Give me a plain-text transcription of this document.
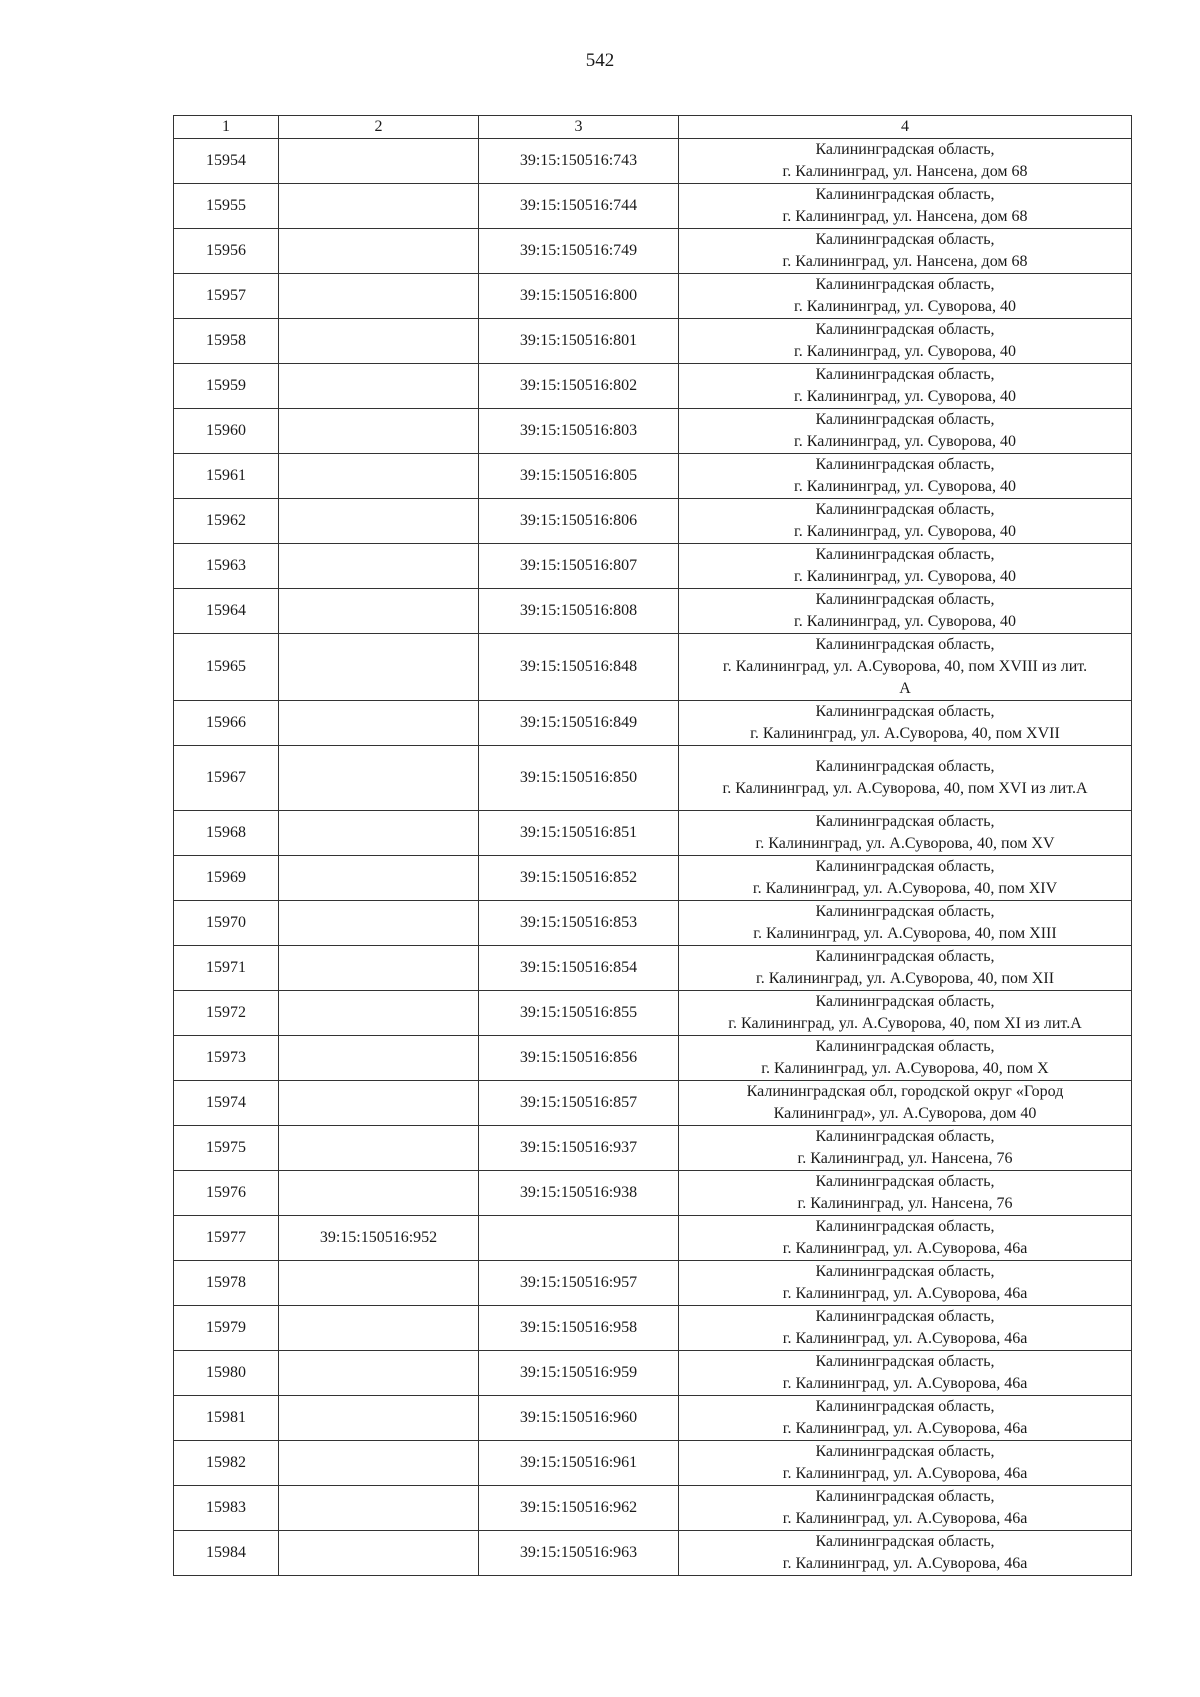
542
1	2	3	4
15954		39:15:150516:743	Калининградская область,
г. Калининград, ул. Нансена, дом 68

15955		39:15:150516:744	Калининградская область,
г. Калининград, ул. Нансена, дом 68

15956		39:15:150516:749	Калининградская область,
г. Калининград, ул. Нансена, дом 68

15957		39:15:150516:800	Калининградская область,
г. Калининград, ул. Суворова, 40

15958		39:15:150516:801	Калининградская область,
г. Калининград, ул. Суворова, 40

15959		39:15:150516:802	Калининградская область,
г. Калининград, ул. Суворова, 40

15960		39:15:150516:803	Калининградская область,
г. Калининград, ул. Суворова, 40

15961		39:15:150516:805	Калининградская область,
г. Калининград, ул. Суворова, 40

15962		39:15:150516:806	Калининградская область,
г. Калининград, ул. Суворова, 40

15963		39:15:150516:807	Калининградская область,
г. Калининград, ул. Суворова, 40

15964		39:15:150516:808	Калининградская область,
г. Калининград, ул. Суворова, 40

15965		39:15:150516:848	Калининградская область,
г. Калининград, ул. А.Суворова, 40, пом XVIII из лит.
А

15966		39:15:150516:849	Калининградская область,
г. Калининград, ул. А.Суворова, 40, пом XVII

15967		39:15:150516:850	Калининградская область,
г. Калининград, ул. А.Суворова, 40, пом XVI из лит.А

15968		39:15:150516:851	Калининградская область,
г. Калининград, ул. А.Суворова, 40, пом XV

15969		39:15:150516:852	Калининградская область,
г. Калининград, ул. А.Суворова, 40, пом XIV

15970		39:15:150516:853	Калининградская область,
г. Калининград, ул. А.Суворова, 40, пом XIII

15971		39:15:150516:854	Калининградская область,
г. Калининград, ул. А.Суворова, 40, пом XII

15972		39:15:150516:855	Калининградская область,
г. Калининград, ул. А.Суворова, 40, пом XI из лит.А

15973		39:15:150516:856	Калининградская область,
г. Калининград, ул. А.Суворова, 40, пом X

15974		39:15:150516:857	Калининградская обл, городской округ «Город
Калининград», ул. А.Суворова, дом 40

15975		39:15:150516:937	Калининградская область,
г. Калининград, ул. Нансена, 76

15976		39:15:150516:938	Калининградская область,
г. Калининград, ул. Нансена, 76

15977	39:15:150516:952		Калининградская область,
г. Калининград, ул. А.Суворова, 46а

15978		39:15:150516:957	Калининградская область,
г. Калининград, ул. А.Суворова, 46а

15979		39:15:150516:958	Калининградская область,
г. Калининград, ул. А.Суворова, 46а

15980		39:15:150516:959	Калининградская область,
г. Калининград, ул. А.Суворова, 46а

15981		39:15:150516:960	Калининградская область,
г. Калининград, ул. А.Суворова, 46а

15982		39:15:150516:961	Калининградская область,
г. Калининград, ул. А.Суворова, 46а

15983		39:15:150516:962	Калининградская область,
г. Калининград, ул. А.Суворова, 46а

15984		39:15:150516:963	Калининградская область,
г. Калининград, ул. А.Суворова, 46а
